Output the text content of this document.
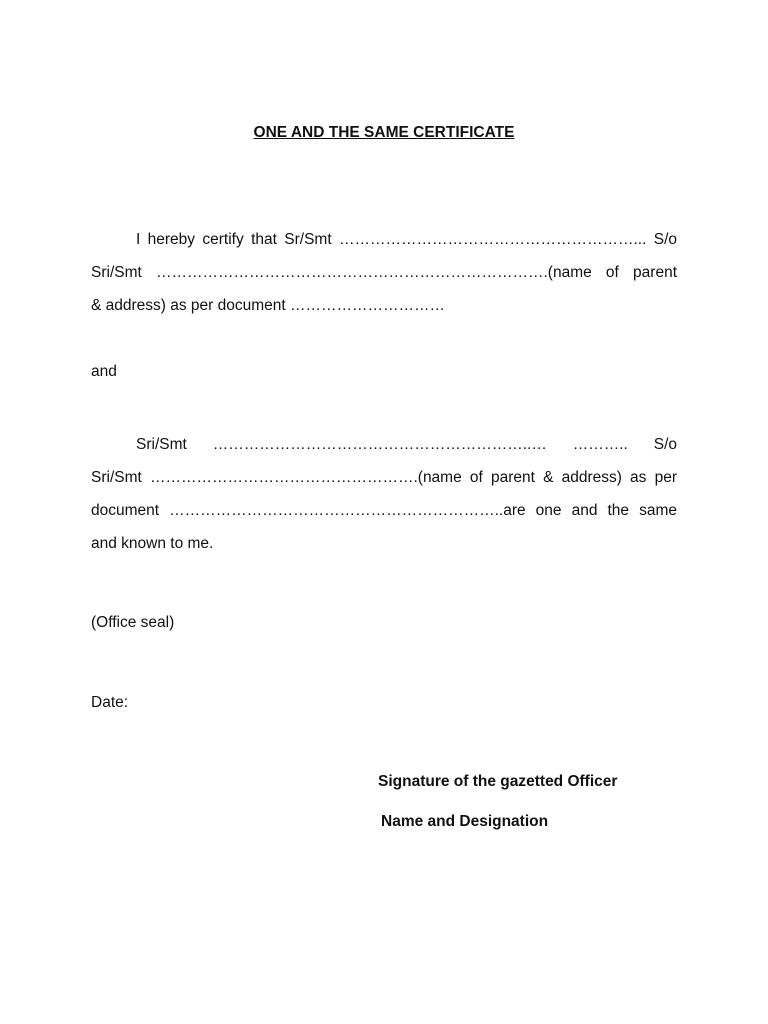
ONE AND THE SAME CERTIFICATE
I hereby certify that Sr/Smt …………………………………………………... S/o
Sri/Smt ………………………………………………………………….(name of parent
& address) as per document …………………………
and
Sri/Smt ……………………………………………………..… ……….. S/o
Sri/Smt …………………………………………….(name of parent & address) as per
document ………………………………………………………..are one and the same
and known to me.

(Office seal)

Date:

Signature of the gazetted Officer

Name and Designation
